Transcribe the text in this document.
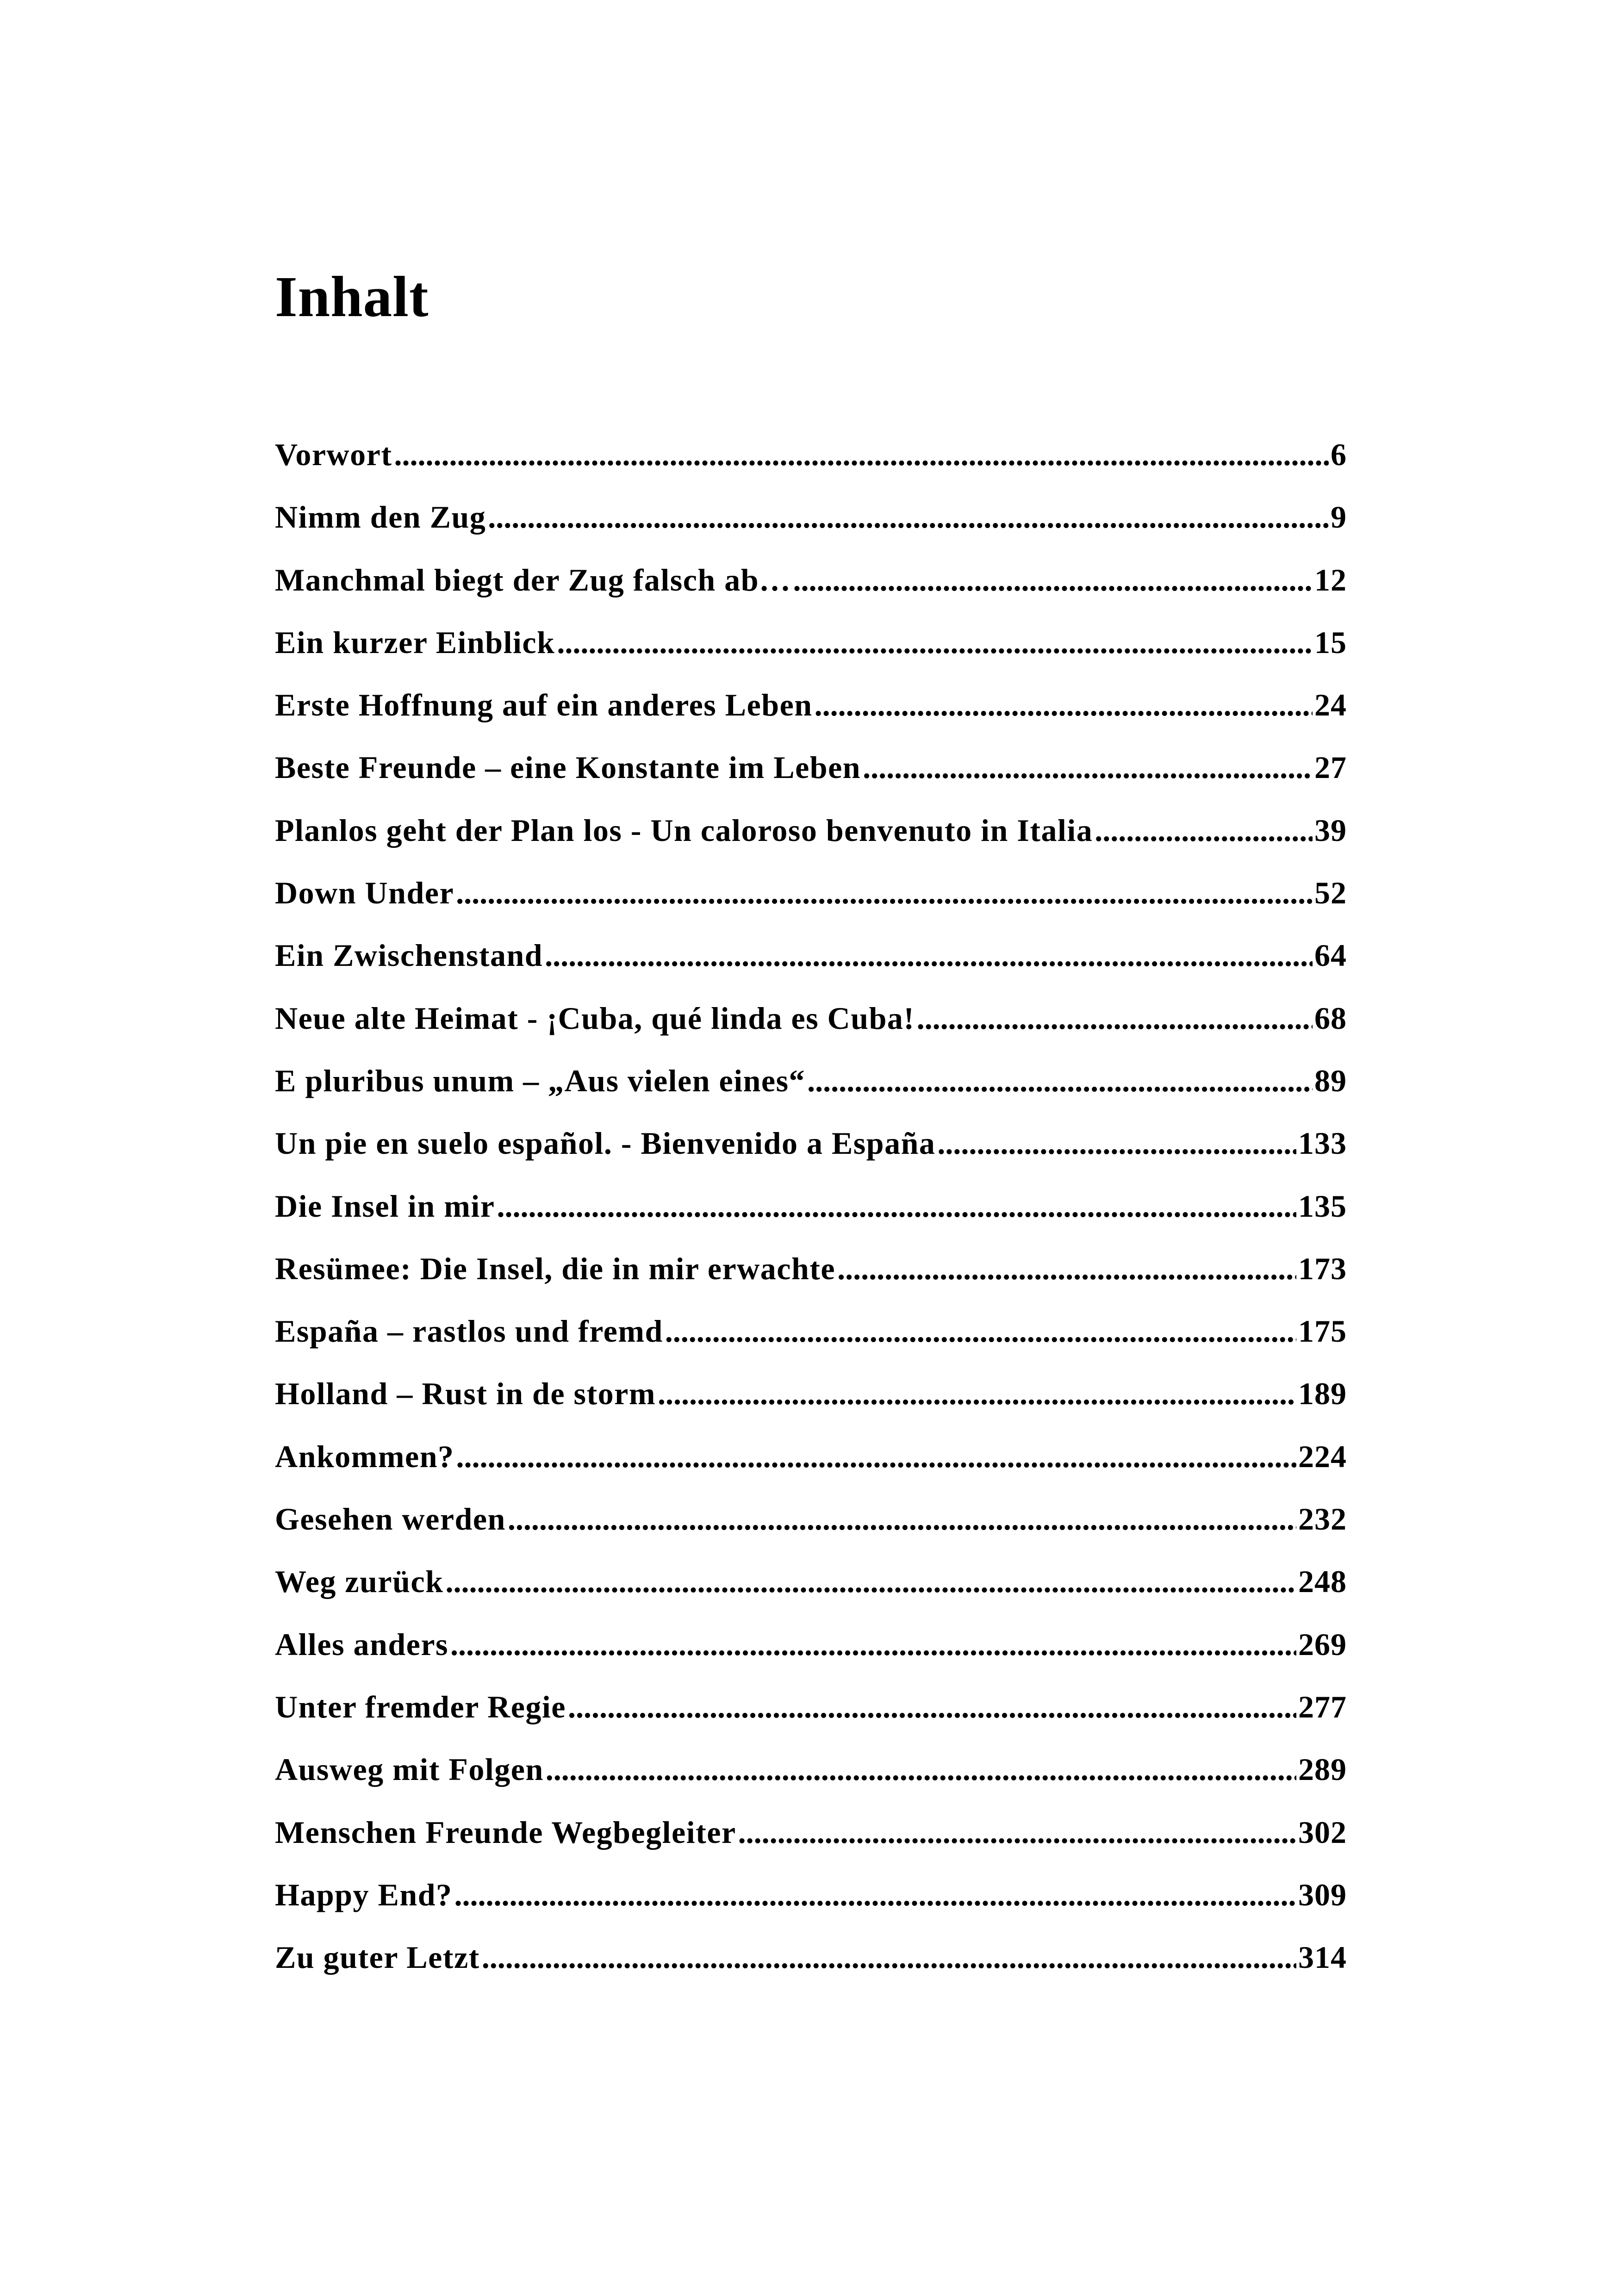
Inhalt
Vorwort .....	6
Nimm den Zug .....	9
Manchmal biegt der Zug falsch ab… .....	12
Ein kurzer Einblick .....	15
Erste Hoffnung auf ein anderes Leben .....	24
Beste Freunde – eine Konstante im Leben .....	27
Planlos geht der Plan los - Un caloroso benvenuto in Italia .....	39
Down Under .....	52
Ein Zwischenstand .....	64
Neue alte Heimat - ¡Cuba, qué linda es Cuba! .....	68
E pluribus unum – „Aus vielen eines“ .....	89
Un pie en suelo español. - Bienvenido a España .....	133
Die Insel in mir .....	135
Resümee: Die Insel, die in mir erwachte .....	173
España – rastlos und fremd .....	175
Holland – Rust in de storm .....	189
Ankommen? .....	224
Gesehen werden .....	232
Weg zurück .....	248
Alles anders .....	269
Unter fremder Regie .....	277
Ausweg mit Folgen .....	289
Menschen Freunde Wegbegleiter .....	302
Happy End? .....	309
Zu guter Letzt .....	314
